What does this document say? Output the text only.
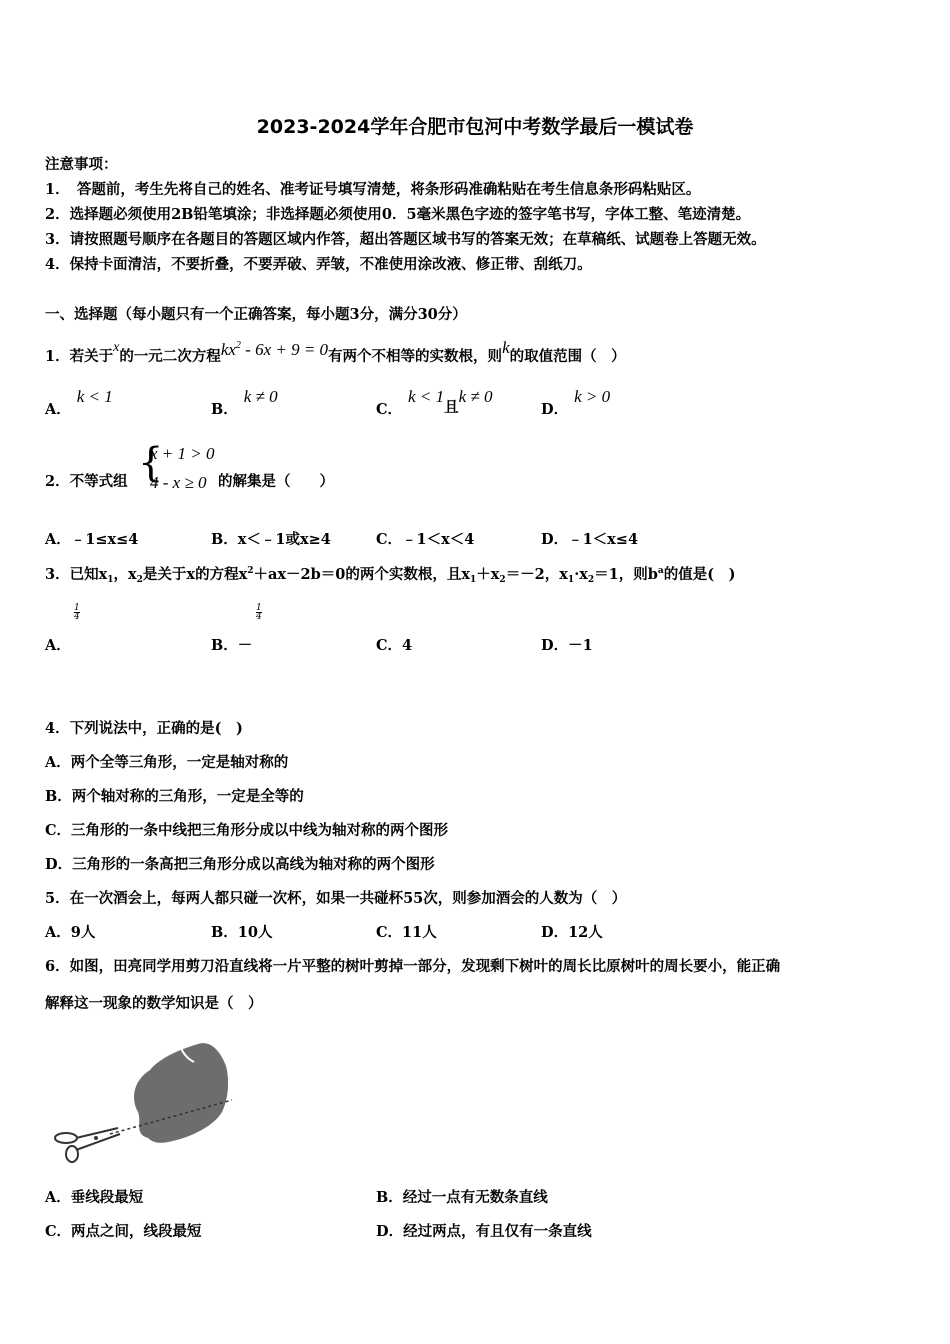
2023-2024学年合肥市包河中考数学最后一模试卷
注意事项：
1．　答题前，考生先将自己的姓名、准考证号填写清楚，将条形码准确粘贴在考生信息条形码粘贴区。
2．选择题必须使用2B铅笔填涂；非选择题必须使用0．5毫米黑色字迹的签字笔书写，字体工整、笔迹清楚。
3．请按照题号顺序在各题目的答题区域内作答，超出答题区域书写的答案无效；在草稿纸、试题卷上答题无效。
4．保持卡面清洁，不要折叠，不要弄破、弄皱，不准使用涂改液、修正带、刮纸刀。
一、选择题（每小题只有一个正确答案，每小题3分，满分30分）
1．若关于x的一元二次方程$kx^2 - 6x + 9 = 0$有两个不相等的实数根，则k的取值范围（　）
A．k < 1
B．k ≠ 0
C．k < 1且k ≠ 0
D．k > 0
2．不等式组 {
x + 1 > 0
4 - x ≥ 0 的解集是（　　）
A．﹣1≤x≤4	B．x＜﹣1或x≥4	C．﹣1＜x＜4	D．﹣1＜x≤4
3．已知$x_1$，$x_2$是关于x的方程$x^2+ax-2b=0$的两个实数根，且$x_1+x_2=-2$，$x_1\cdot x_2=1$，则$b^a$的值是(　)
$\frac{1}{4}$
A．
$\frac{1}{4}$
B．－	C．4	D．－1
4．下列说法中，正确的是(　)
A．两个全等三角形，一定是轴对称的
B．两个轴对称的三角形，一定是全等的
C．三角形的一条中线把三角形分成以中线为轴对称的两个图形
D．三角形的一条高把三角形分成以高线为轴对称的两个图形
5．在一次酒会上，每两人都只碰一次杯，如果一共碰杯55次，则参加酒会的人数为（　）
A．9人	B．10人	C．11人	D．12人
6．如图，田亮同学用剪刀沿直线将一片平整的树叶剪掉一部分，发现剩下树叶的周长比原树叶的周长要小，能正确
解释这一现象的数学知识是（　）
A．垂线段最短	B．经过一点有无数条直线
C．两点之间，线段最短	D．经过两点，有且仅有一条直线
